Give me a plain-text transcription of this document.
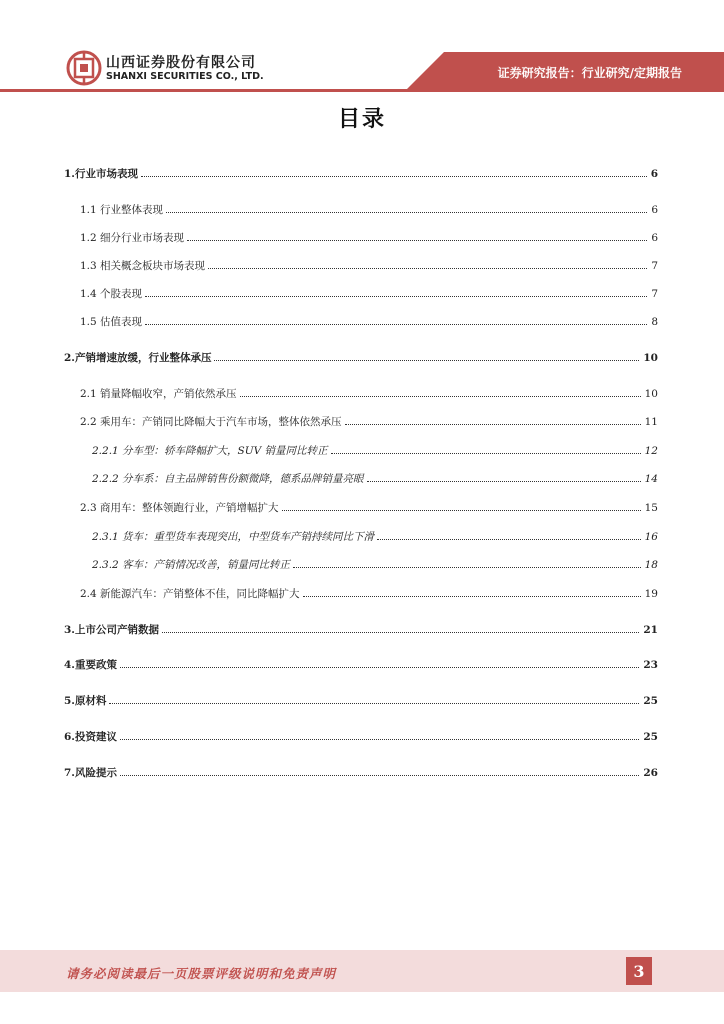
山西证券股份有限公司
SHANXI SECURITIES CO., LTD.	证券研究报告：行业研究/定期报告
目录
1.行业市场表现	6
1.1 行业整体表现	6
1.2 细分行业市场表现	6
1.3 相关概念板块市场表现	7
1.4 个股表现	7
1.5 估值表现	8
2.产销增速放缓，行业整体承压	10
2.1 销量降幅收窄，产销依然承压	10
2.2 乘用车：产销同比降幅大于汽车市场，整体依然承压	11
2.2.1 分车型：轿车降幅扩大，SUV 销量同比转正	12
2.2.2 分车系：自主品牌销售份额微降，德系品牌销量亮眼	14
2.3 商用车：整体领跑行业，产销增幅扩大	15
2.3.1 货车：重型货车表现突出，中型货车产销持续同比下滑	16
2.3.2 客车：产销情况改善，销量同比转正	18
2.4 新能源汽车：产销整体不佳，同比降幅扩大	19
3.上市公司产销数据	21
4.重要政策	23
5.原材料	25
6.投资建议	25
7.风险提示	26
请务必阅读最后一页股票评级说明和免责声明	3
